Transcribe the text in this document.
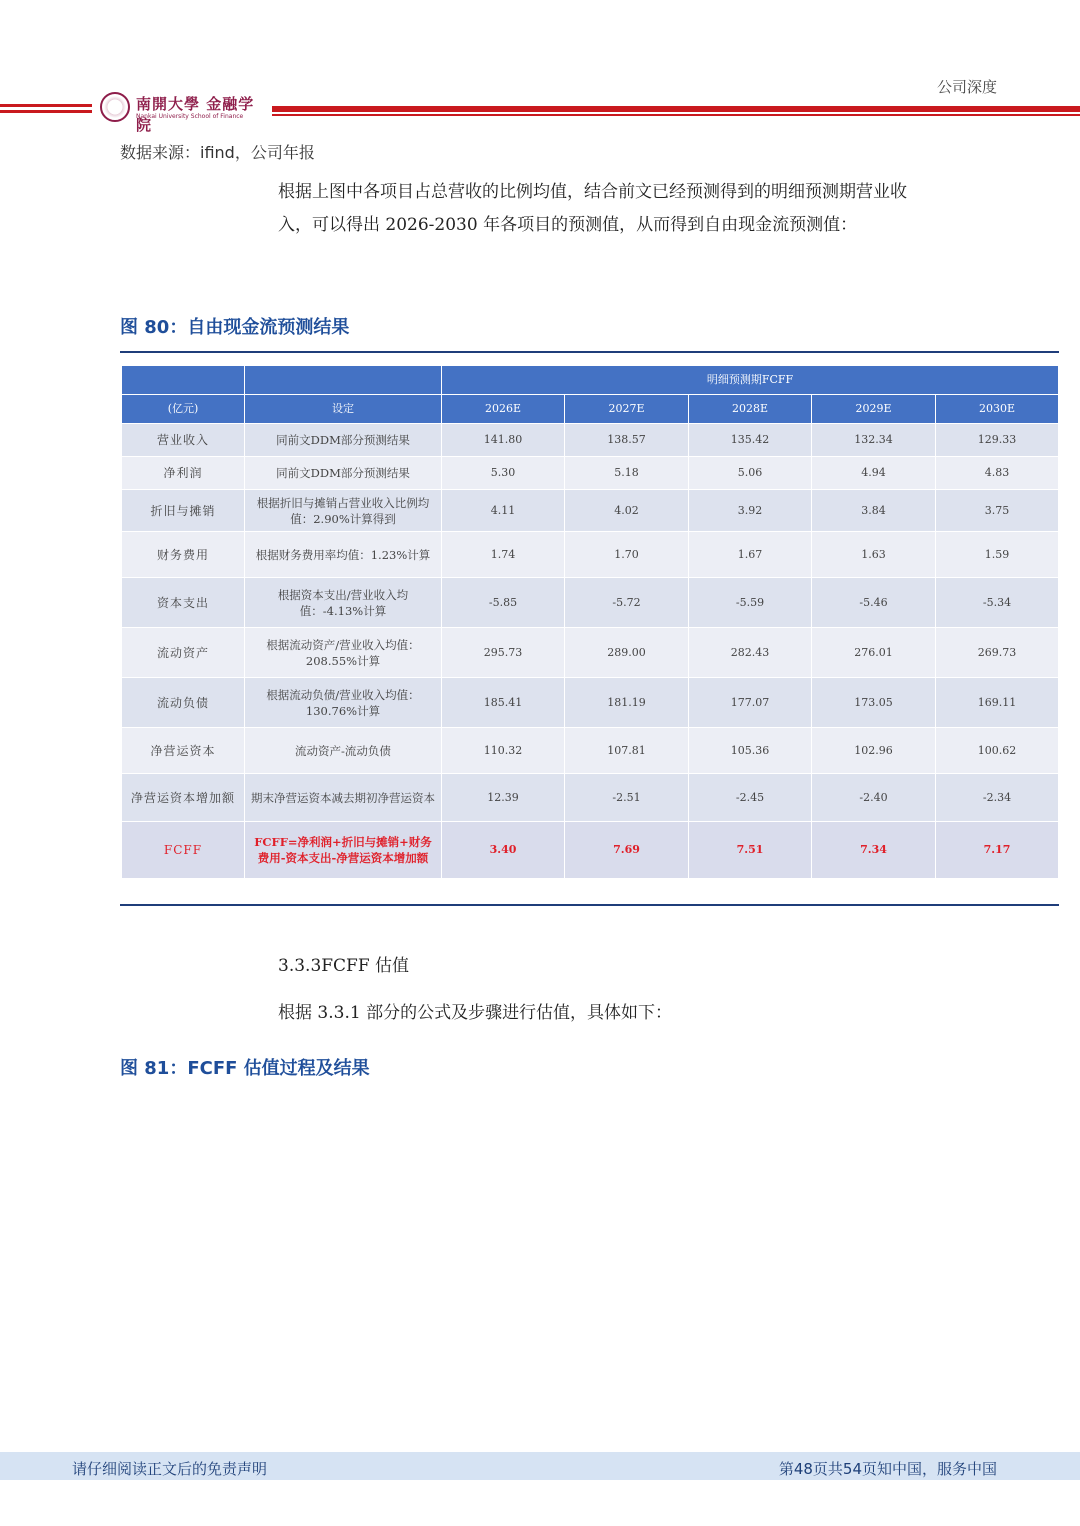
公司深度
南開大學 金融学院
Nankai University School of Finance
数据来源：ifind，公司年报
根据上图中各项目占总营收的比例均值，结合前文已经预测得到的明细预测期营业收
入，可以得出 2026-2030 年各项目的预测值，从而得到自由现金流预测值：
图 80：自由现金流预测结果
		明细预测期FCFF				
(亿元)	设定	2026E	2027E	2028E	2029E	2030E
营业收入	同前文DDM部分预测结果	141.80	138.57	135.42	132.34	129.33
净利润	同前文DDM部分预测结果	5.30	5.18	5.06	4.94	4.83
折旧与摊销	根据折旧与摊销占营业收入比例均值：2.90%计算得到	4.11	4.02	3.92	3.84	3.75
财务费用	根据财务费用率均值：1.23%计算	1.74	1.70	1.67	1.63	1.59
资本支出	根据资本支出/营业收入均值：-4.13%计算	-5.85	-5.72	-5.59	-5.46	-5.34
流动资产	根据流动资产/营业收入均值：208.55%计算	295.73	289.00	282.43	276.01	269.73
流动负债	根据流动负债/营业收入均值：130.76%计算	185.41	181.19	177.07	173.05	169.11
净营运资本	流动资产-流动负债	110.32	107.81	105.36	102.96	100.62
净营运资本增加额	期末净营运资本减去期初净营运资本	12.39	-2.51	-2.45	-2.40	-2.34
FCFF	FCFF=净利润+折旧与摊销+财务费用-资本支出-净营运资本增加额	3.40	7.69	7.51	7.34	7.17
3.3.3FCFF 估值
根据 3.3.1 部分的公式及步骤进行估值，具体如下：
图 81：FCFF 估值过程及结果
请仔细阅读正文后的免责声明	第48页共54页知中国，服务中国
